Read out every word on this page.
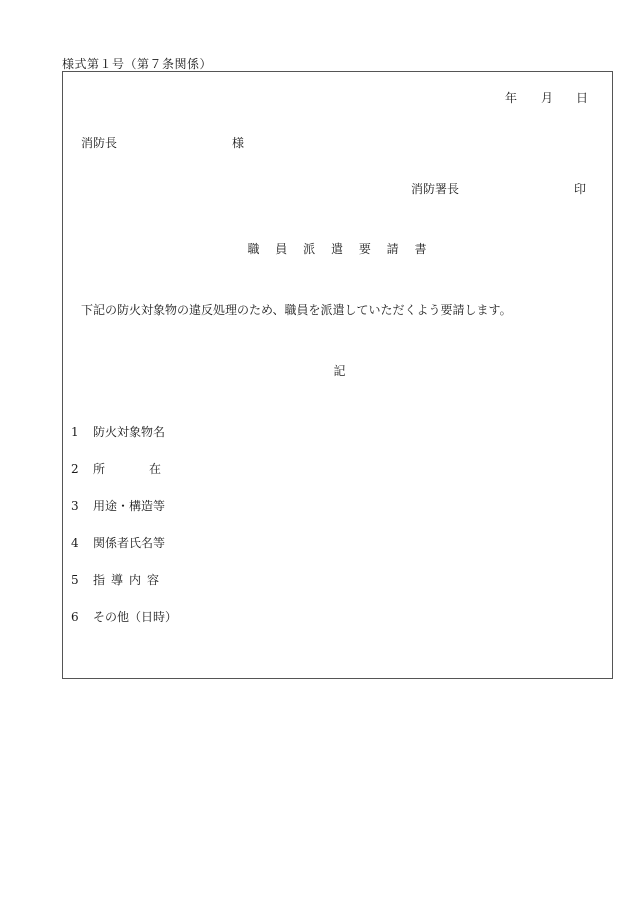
様式第１号（第７条関係）
年 月 日
消防長	様
消防署長	印
職 員 派 遣 要 請 書
下記の防火対象物の違反処理のため、職員を派遣していただくよう要請します。
記
1 防火対象物名
2 所在
3 用途・構造等
4 関係者氏名等
5 指導内容
6 その他（日時）
